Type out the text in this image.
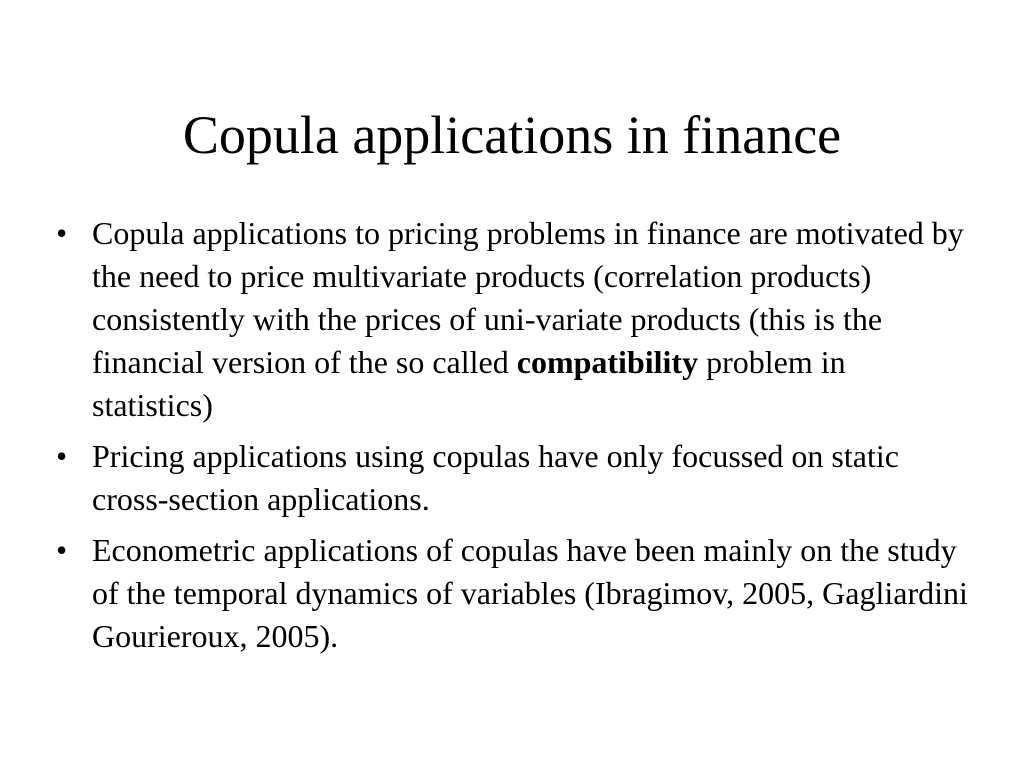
Copula applications in finance
• Copula applications to pricing problems in finance are motivated by the need to price multivariate products (correlation products) consistently with the prices of uni-variate products (this is the financial version of the so called compatibility problem in statistics)
• Pricing applications using copulas have only focussed on static cross-section applications.
• Econometric applications of copulas have been mainly on the study of the temporal dynamics of variables (Ibragimov, 2005, Gagliardini Gourieroux, 2005).
